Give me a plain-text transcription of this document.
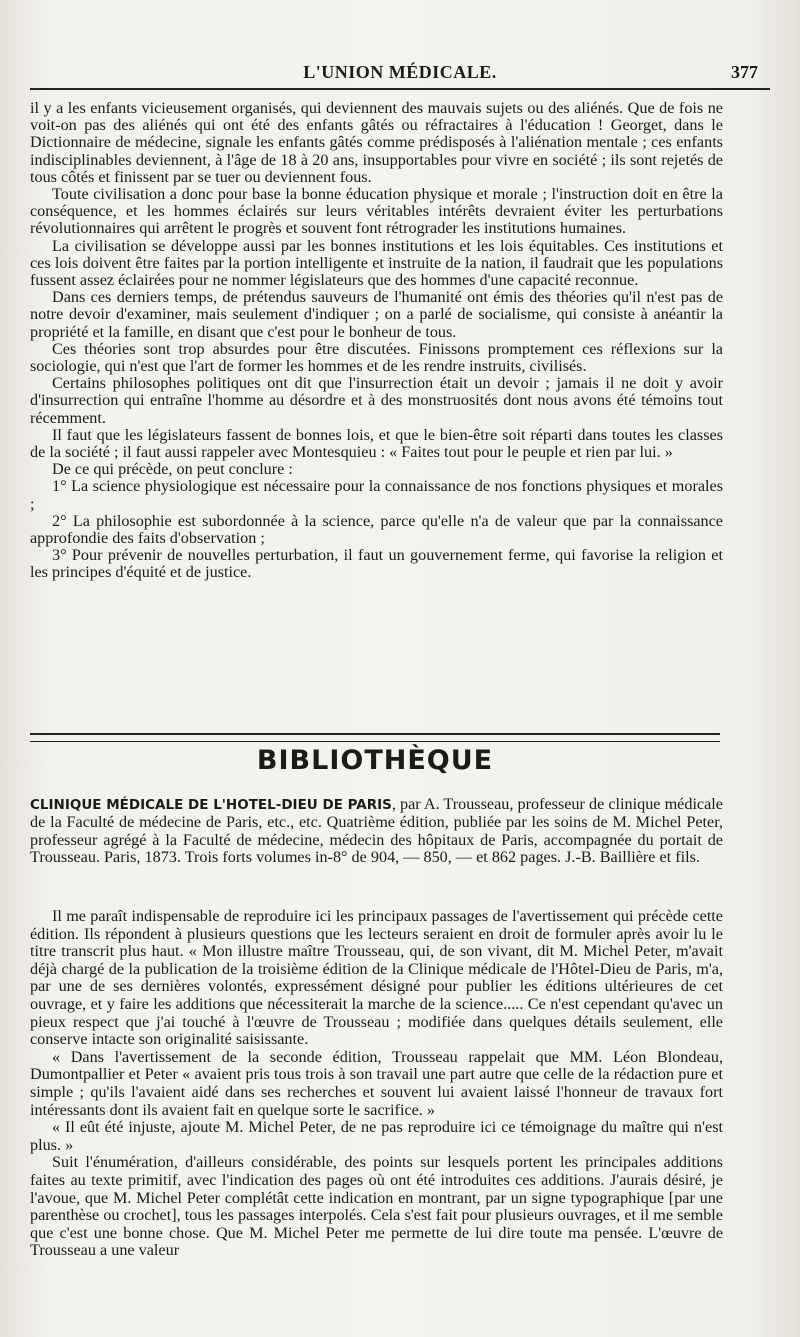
L'UNION MÉDICALE.	377

il y a les enfants vicieusement organisés, qui deviennent des mauvais sujets ou des aliénés. Que de fois ne voit-on pas des aliénés qui ont été des enfants gâtés ou réfractaires à l'éducation ! Georget, dans le Dictionnaire de médecine, signale les enfants gâtés comme prédisposés à l'aliénation mentale ; ces enfants indisciplinables deviennent, à l'âge de 18 à 20 ans, insupportables pour vivre en société ; ils sont rejetés de tous côtés et finissent par se tuer ou deviennent fous.

Toute civilisation a donc pour base la bonne éducation physique et morale ; l'instruction doit en être la conséquence, et les hommes éclairés sur leurs véritables intérêts devraient éviter les perturbations révolutionnaires qui arrêtent le progrès et souvent font rétrograder les institutions humaines.

La civilisation se développe aussi par les bonnes institutions et les lois équitables. Ces institutions et ces lois doivent être faites par la portion intelligente et instruite de la nation, il faudrait que les populations fussent assez éclairées pour ne nommer législateurs que des hommes d'une capacité reconnue.

Dans ces derniers temps, de prétendus sauveurs de l'humanité ont émis des théories qu'il n'est pas de notre devoir d'examiner, mais seulement d'indiquer ; on a parlé de socialisme, qui consiste à anéantir la propriété et la famille, en disant que c'est pour le bonheur de tous.

Ces théories sont trop absurdes pour être discutées. Finissons promptement ces réflexions sur la sociologie, qui n'est que l'art de former les hommes et de les rendre instruits, civilisés.

Certains philosophes politiques ont dit que l'insurrection était un devoir ; jamais il ne doit y avoir d'insurrection qui entraîne l'homme au désordre et à des monstruosités dont nous avons été témoins tout récemment.

Il faut que les législateurs fassent de bonnes lois, et que le bien-être soit réparti dans toutes les classes de la société ; il faut aussi rappeler avec Montesquieu : « Faites tout pour le peuple et rien par lui. »

De ce qui précède, on peut conclure :

1° La science physiologique est nécessaire pour la connaissance de nos fonctions physiques et morales ;

2° La philosophie est subordonnée à la science, parce qu'elle n'a de valeur que par la connaissance approfondie des faits d'observation ;

3° Pour prévenir de nouvelles perturbation, il faut un gouvernement ferme, qui favorise la religion et les principes d'équité et de justice.

BIBLIOTHÈQUE
CLINIQUE MÉDICALE DE L'HOTEL-DIEU DE PARIS, par A. Trousseau, professeur de clinique médicale de la Faculté de médecine de Paris, etc., etc. Quatrième édition, publiée par les soins de M. Michel Peter, professeur agrégé à la Faculté de médecine, médecin des hôpitaux de Paris, accompagnée du portait de Trousseau. Paris, 1873. Trois forts volumes in-8° de 904, — 850, — et 862 pages. J.-B. Baillière et fils.

Il me paraît indispensable de reproduire ici les principaux passages de l'avertissement qui précède cette édition. Ils répondent à plusieurs questions que les lecteurs seraient en droit de formuler après avoir lu le titre transcrit plus haut. « Mon illustre maître Trousseau, qui, de son vivant, dit M. Michel Peter, m'avait déjà chargé de la publication de la troisième édition de la Clinique médicale de l'Hôtel-Dieu de Paris, m'a, par une de ses dernières volontés, expressément désigné pour publier les éditions ultérieures de cet ouvrage, et y faire les additions que nécessiterait la marche de la science..... Ce n'est cependant qu'avec un pieux respect que j'ai touché à l'œuvre de Trousseau ; modifiée dans quelques détails seulement, elle conserve intacte son originalité saisissante.

« Dans l'avertissement de la seconde édition, Trousseau rappelait que MM. Léon Blondeau, Dumontpallier et Peter « avaient pris tous trois à son travail une part autre que celle de la rédaction pure et simple ; qu'ils l'avaient aidé dans ses recherches et souvent lui avaient laissé l'honneur de travaux fort intéressants dont ils avaient fait en quelque sorte le sacrifice. »

« Il eût été injuste, ajoute M. Michel Peter, de ne pas reproduire ici ce témoignage du maître qui n'est plus. »

Suit l'énumération, d'ailleurs considérable, des points sur lesquels portent les principales additions faites au texte primitif, avec l'indication des pages où ont été introduites ces additions. J'aurais désiré, je l'avoue, que M. Michel Peter complétât cette indication en montrant, par un signe typographique [par une parenthèse ou crochet], tous les passages interpolés. Cela s'est fait pour plusieurs ouvrages, et il me semble que c'est une bonne chose. Que M. Michel Peter me permette de lui dire toute ma pensée. L'œuvre de Trousseau a une valeur
